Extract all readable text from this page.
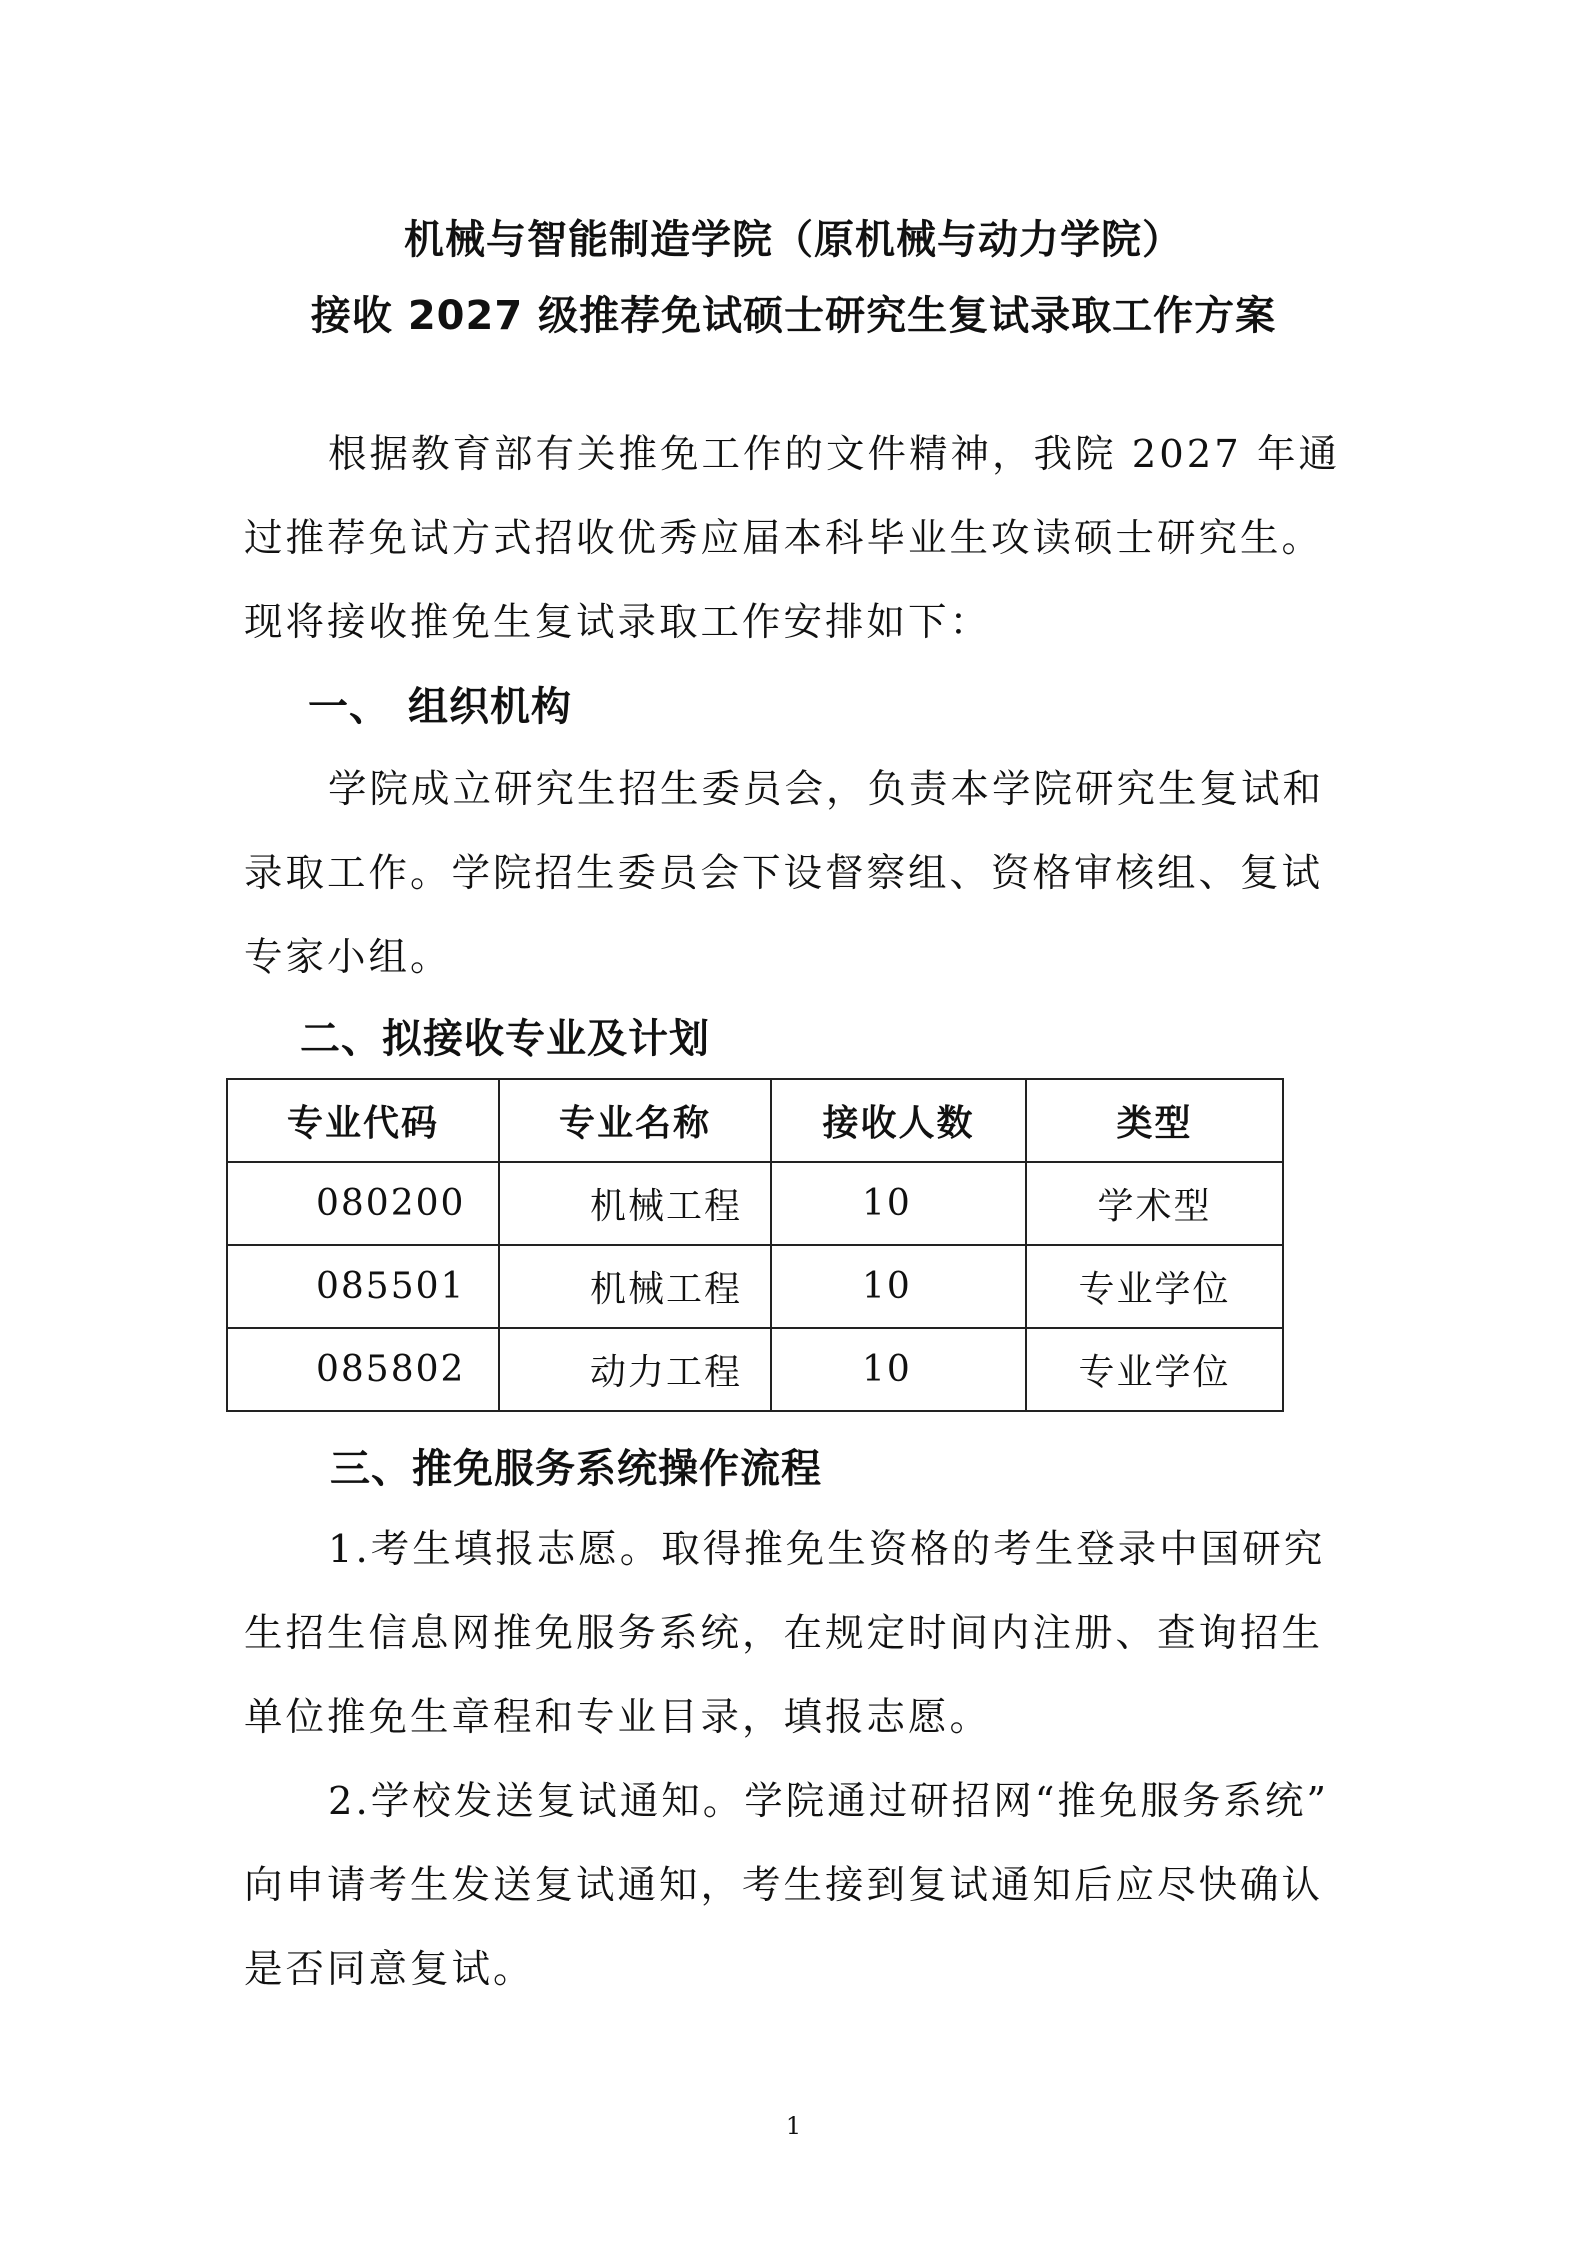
机械与智能制造学院（原机械与动力学院）
接收 2027 级推荐免试硕士研究生复试录取工作方案
根据教育部有关推免工作的文件精神，我院 2027 年通
过推荐免试方式招收优秀应届本科毕业生攻读硕士研究生。
现将接收推免生复试录取工作安排如下：
一、 组织机构
学院成立研究生招生委员会，负责本学院研究生复试和
录取工作。学院招生委员会下设督察组、资格审核组、复试
专家小组。
二、拟接收专业及计划
专业代码	专业名称	接收人数	类型
080200	机械工程	10	学术型
085501	机械工程	10	专业学位
085802	动力工程	10	专业学位
三、推免服务系统操作流程
1.考生填报志愿。取得推免生资格的考生登录中国研究
生招生信息网推免服务系统，在规定时间内注册、查询招生
单位推免生章程和专业目录，填报志愿。
2.学校发送复试通知。学院通过研招网“推免服务系统”
向申请考生发送复试通知，考生接到复试通知后应尽快确认
是否同意复试。
1
